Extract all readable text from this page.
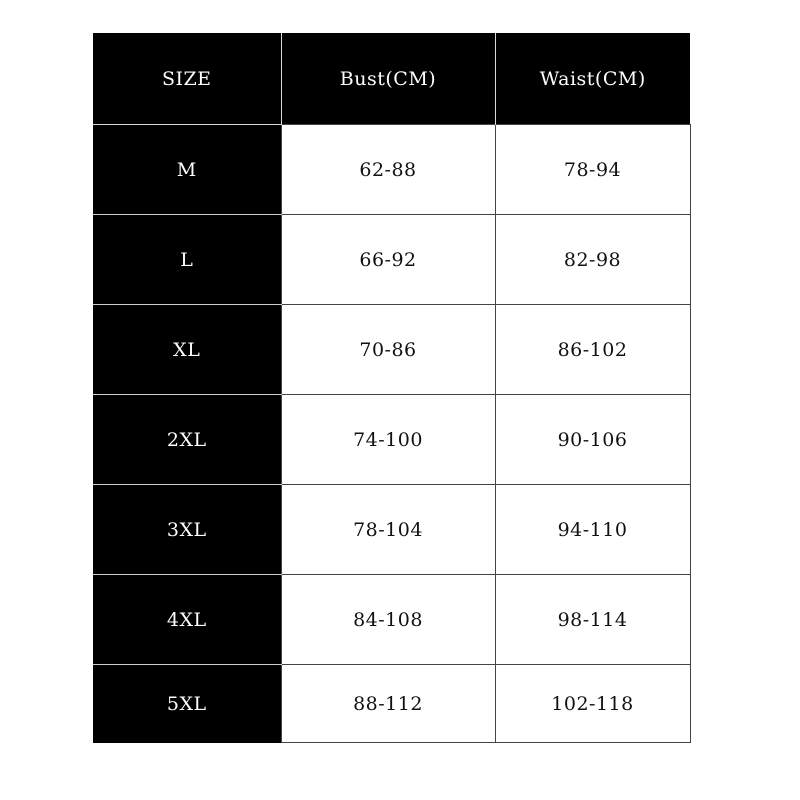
SIZE	Bust(CM)	Waist(CM)
M	62-88	78-94
L	66-92	82-98
XL	70-86	86-102
2XL	74-100	90-106
3XL	78-104	94-110
4XL	84-108	98-114
5XL	88-112	102-118
